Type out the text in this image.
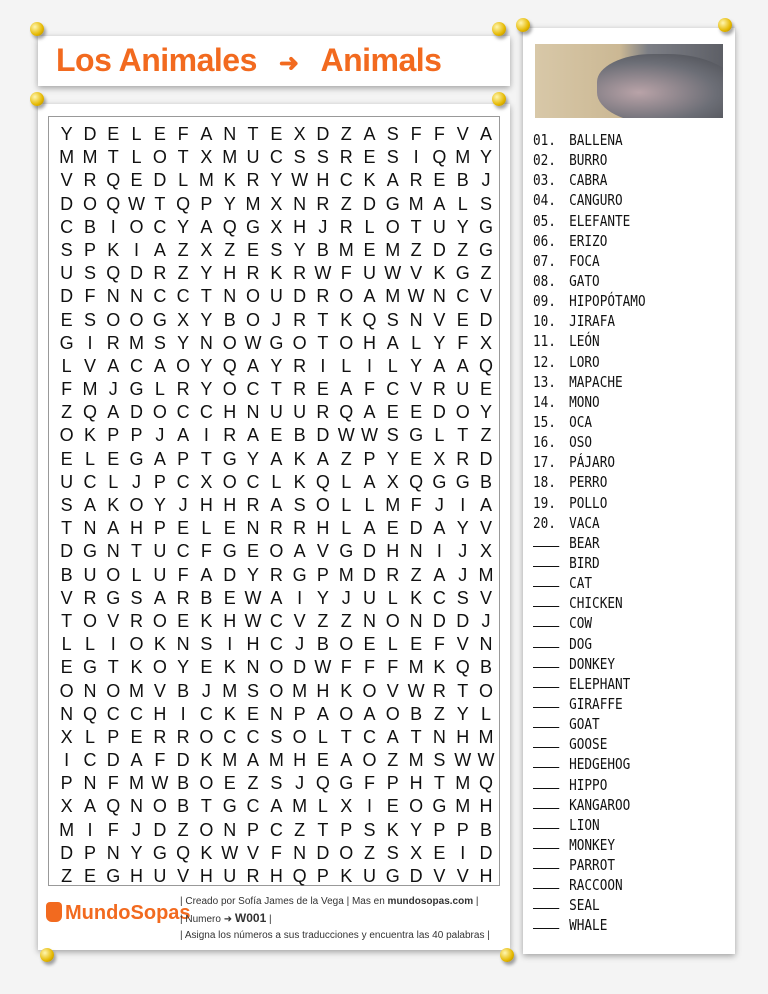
Los Animales ➜ Animals
Y D E L E F A N T E X D Z A S F F V A
M M T L O T X M U C S S R E S I Q M Y
V R Q E D L M K R Y W H C K A R E B J
D O Q W T Q P Y M X N R Z D G M A L S
C B I O C Y A Q G X H J R L O T U Y G
S P K I A Z X Z E S Y B M E M Z D Z G
U S Q D R Z Y H R K R W F U W V K G Z
D F N N C C T N O U D R O A M W N C V
E S O O G X Y B O J R T K Q S N V E D
G I R M S Y N O W G O T O H A L Y F X
L V A C A O Y Q A Y R I L I L Y A A Q
F M J G L R Y O C T R E A F C V R U E
Z Q A D O C C H N U U R Q A E E D O Y
O K P P J A I R A E B D W W S G L T Z
E L E G A P T G Y A K A Z P Y E X R D
U C L J P C X O C L K Q L A X Q G G B
S A K O Y J H H R A S O L L M F J I A
T N A H P E L E N R R H L A E D A Y V
D G N T U C F G E O A V G D H N I J X
B U O L U F A D Y R G P M D R Z A J M
V R G S A R B E W A I Y J U L K C S V
T O V R O E K H W C V Z Z N O N D D J
L L I O K N S I H C J B O E L E F V N
E G T K O Y E K N O D W F F F M K Q B
O N O M V B J M S O M H K O V W R T O
N Q C C H I C K E N P A O A O B Z Y L
X L P E R R O C C S O L T C A T N H M
I C D A F D K M A M H E A O Z M S W W
P N F M W B O E Z S J Q G F P H T M Q
X A Q N O B T G C A M L X I E O G M H
M I F J D Z O N P C Z T P S K Y P P B
D P N Y G Q K W V F N D O Z S X E I D
Z E G H U V H U R H Q P K U G D V V H
MundoSopas
| Creado por Sofía James de la Vega | Mas en mundosopas.com |
| Numero ➜ W001 |
| Asigna los números a sus traducciones y encuentra las 40 palabras |
01. BALLENA
02. BURRO
03. CABRA
04. CANGURO
05. ELEFANTE
06. ERIZO
07. FOCA
08. GATO
09. HIPOPÓTAMO
10. JIRAFA
11. LEÓN
12. LORO
13. MAPACHE
14. MONO
15. OCA
16. OSO
17. PÁJARO
18. PERRO
19. POLLO
20. VACA
BEAR
BIRD
CAT
CHICKEN
COW
DOG
DONKEY
ELEPHANT
GIRAFFE
GOAT
GOOSE
HEDGEHOG
HIPPO
KANGAROO
LION
MONKEY
PARROT
RACCOON
SEAL
WHALE
